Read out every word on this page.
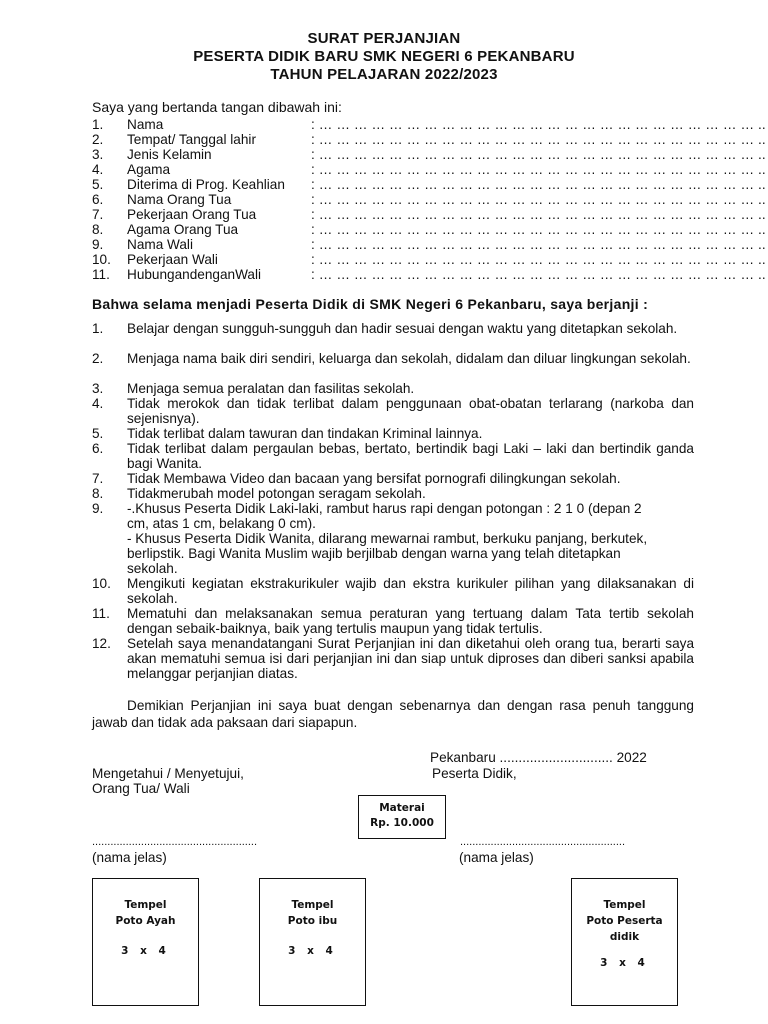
SURAT PERJANJIAN
PESERTA DIDIK BARU SMK NEGERI 6 PEKANBARU
TAHUN PELAJARAN 2022/2023
Saya yang bertanda tangan dibawah ini:
1.	Nama	: … … … … … … … … … … … … … … … … … … … … … … … … … ..
2.	Tempat/ Tanggal lahir	: … … … … … … … … … … … … … … … … … … … … … … … … … ..
3.	Jenis Kelamin	: … … … … … … … … … … … … … … … … … … … … … … … … … ..
4.	Agama	: … … … … … … … … … … … … … … … … … … … … … … … … … ..
5.	Diterima di Prog. Keahlian	: … … … … … … … … … … … … … … … … … … … … … … … … … ..
6.	Nama Orang Tua	: … … … … … … … … … … … … … … … … … … … … … … … … … ..
7.	Pekerjaan Orang Tua	: … … … … … … … … … … … … … … … … … … … … … … … … … ..
8.	Agama Orang Tua	: … … … … … … … … … … … … … … … … … … … … … … … … … ..
9.	Nama Wali	: … … … … … … … … … … … … … … … … … … … … … … … … … ..
10.	Pekerjaan Wali	: … … … … … … … … … … … … … … … … … … … … … … … … … ..
11.	HubungandenganWali	: … … … … … … … … … … … … … … … … … … … … … … … … … ..
Bahwa selama menjadi Peserta Didik di SMK Negeri 6 Pekanbaru, saya berjanji :
1.	Belajar dengan sungguh-sungguh dan hadir sesuai dengan waktu yang ditetapkan sekolah.
2.	Menjaga nama baik diri sendiri, keluarga dan sekolah, didalam dan diluar lingkungan sekolah.
3.	Menjaga semua peralatan dan fasilitas sekolah.
4.	Tidak merokok dan tidak terlibat dalam penggunaan obat-obatan terlarang (narkoba dan sejenisnya).
5.	Tidak terlibat dalam tawuran dan tindakan Kriminal lainnya.
6.	Tidak terlibat dalam pergaulan bebas, bertato, bertindik bagi Laki – laki dan bertindik ganda bagi Wanita.
7.	Tidak Membawa Video dan bacaan yang bersifat pornografi dilingkungan sekolah.
8.	Tidakmerubah model potongan seragam sekolah.
9.	-.Khusus Peserta Didik Laki-laki, rambut harus rapi dengan potongan : 2 1 0 (depan 2 cm, atas 1 cm, belakang 0 cm).
- Khusus Peserta Didik Wanita, dilarang mewarnai rambut, berkuku panjang, berkutek, berlipstik. Bagi Wanita Muslim wajib berjilbab dengan warna yang telah ditetapkan sekolah.
10.	Mengikuti kegiatan ekstrakurikuler wajib dan ekstra kurikuler pilihan yang dilaksanakan di sekolah.
11.	Mematuhi dan melaksanakan semua peraturan yang tertuang dalam Tata tertib sekolah dengan sebaik-baiknya, baik yang tertulis maupun yang tidak tertulis.
12.	Setelah saya menandatangani Surat Perjanjian ini dan diketahui oleh orang tua, berarti saya akan mematuhi semua isi dari perjanjian ini dan siap untuk diproses dan diberi sanksi apabila melanggar perjanjian diatas.
Demikian Perjanjian ini saya buat dengan sebenarnya dan dengan rasa penuh tanggung jawab dan tidak ada paksaan dari siapapun.
Pekanbaru .............................. 2022
Mengetahui / Menyetujui,	Peserta Didik,
Orang Tua/ Wali
Materai
Rp. 10.000
......................................................	......................................................
(nama jelas)	(nama jelas)
Tempel
Poto Ayah
3 x 4
Tempel
Poto ibu
3 x 4
Tempel
Poto Peserta
didik
3 x 4
